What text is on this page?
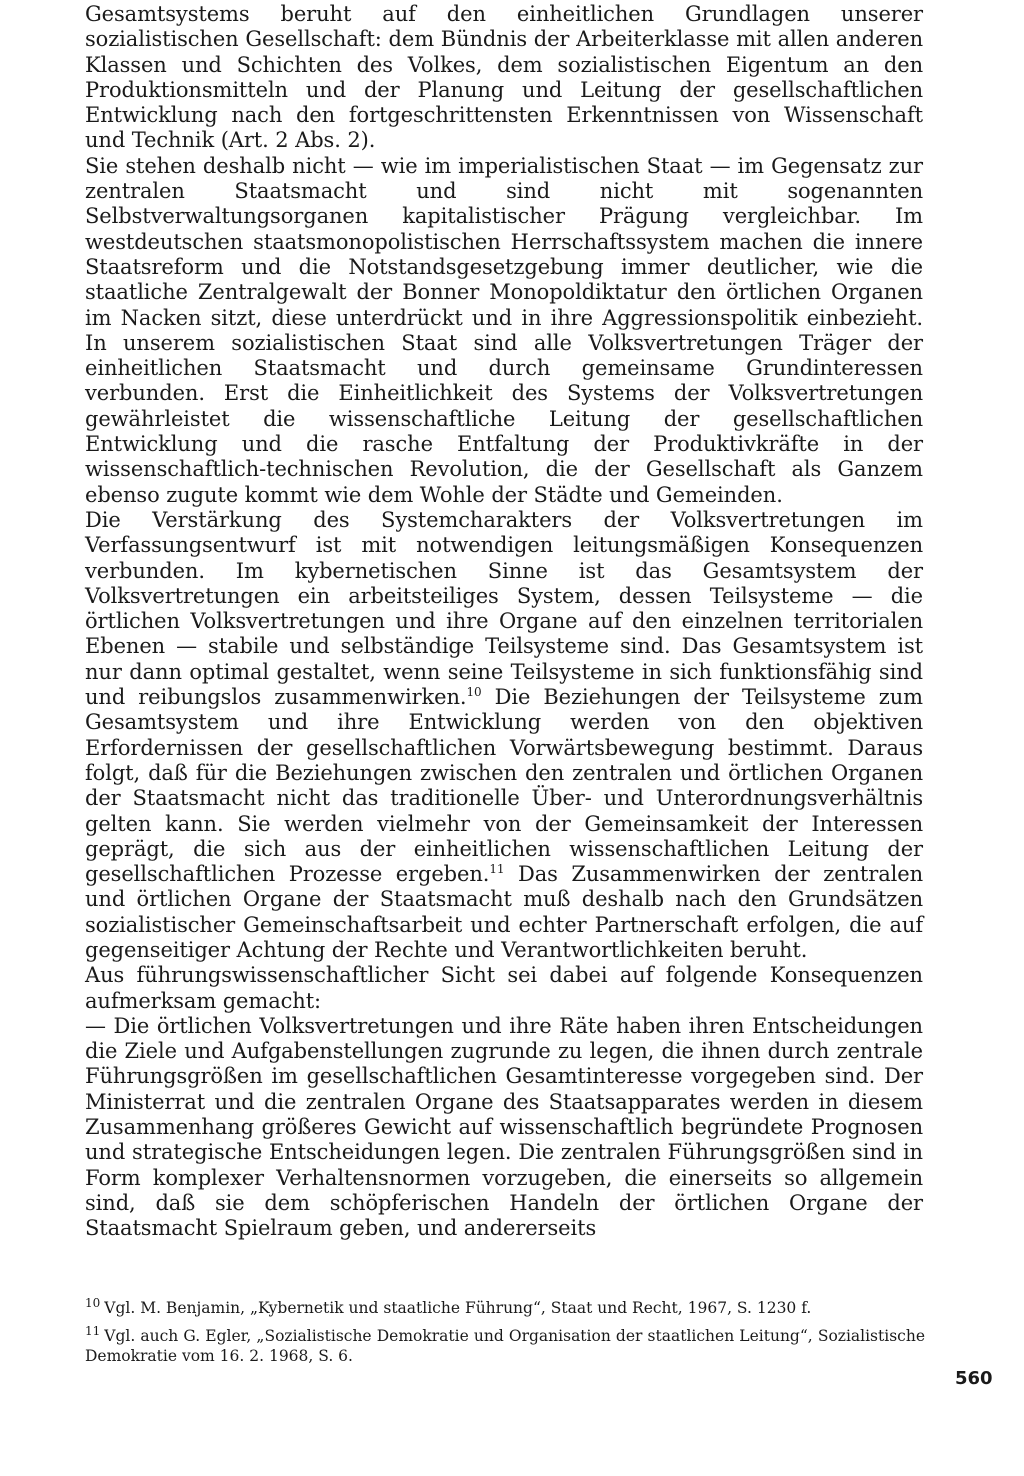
Gesamtsystems beruht auf den einheitlichen Grundlagen unserer sozialistischen Gesellschaft: dem Bündnis der Arbeiterklasse mit allen anderen Klassen und Schichten des Volkes, dem sozialistischen Eigentum an den Produktionsmitteln und der Planung und Leitung der gesellschaftlichen Entwicklung nach den fortgeschrittensten Erkenntnissen von Wissenschaft und Technik (Art. 2 Abs. 2).

Sie stehen deshalb nicht — wie im imperialistischen Staat — im Gegensatz zur zentralen Staatsmacht und sind nicht mit sogenannten Selbstverwaltungsorganen kapitalistischer Prägung vergleichbar. Im westdeutschen staatsmonopolistischen Herrschaftssystem machen die innere Staatsreform und die Notstandsgesetzgebung immer deutlicher, wie die staatliche Zentralgewalt der Bonner Monopoldiktatur den örtlichen Organen im Nacken sitzt, diese unterdrückt und in ihre Aggressionspolitik einbezieht. In unserem sozialistischen Staat sind alle Volksvertretungen Träger der einheitlichen Staatsmacht und durch gemeinsame Grundinteressen verbunden. Erst die Einheitlichkeit des Systems der Volksvertretungen gewährleistet die wissenschaftliche Leitung der gesellschaftlichen Entwicklung und die rasche Entfaltung der Produktivkräfte in der wissenschaftlich-technischen Revolution, die der Gesellschaft als Ganzem ebenso zugute kommt wie dem Wohle der Städte und Gemeinden.

Die Verstärkung des Systemcharakters der Volksvertretungen im Verfassungsentwurf ist mit notwendigen leitungsmäßigen Konsequenzen verbunden. Im kybernetischen Sinne ist das Gesamtsystem der Volksvertretungen ein arbeitsteiliges System, dessen Teilsysteme — die örtlichen Volksvertretungen und ihre Organe auf den einzelnen territorialen Ebenen — stabile und selbständige Teilsysteme sind. Das Gesamtsystem ist nur dann optimal gestaltet, wenn seine Teilsysteme in sich funktionsfähig sind und reibungslos zusammenwirken.$^{10}$ Die Beziehungen der Teilsysteme zum Gesamtsystem und ihre Entwicklung werden von den objektiven Erfordernissen der gesellschaftlichen Vorwärtsbewegung bestimmt. Daraus folgt, daß für die Beziehungen zwischen den zentralen und örtlichen Organen der Staatsmacht nicht das traditionelle Über- und Unterordnungsverhältnis gelten kann. Sie werden vielmehr von der Gemeinsamkeit der Interessen geprägt, die sich aus der einheitlichen wissenschaftlichen Leitung der gesellschaftlichen Prozesse ergeben.$^{11}$ Das Zusammenwirken der zentralen und örtlichen Organe der Staatsmacht muß deshalb nach den Grundsätzen sozialistischer Gemeinschaftsarbeit und echter Partnerschaft erfolgen, die auf gegenseitiger Achtung der Rechte und Verantwortlichkeiten beruht.

Aus führungswissenschaftlicher Sicht sei dabei auf folgende Konsequenzen aufmerksam gemacht:

— Die örtlichen Volksvertretungen und ihre Räte haben ihren Entscheidungen die Ziele und Aufgabenstellungen zugrunde zu legen, die ihnen durch zentrale Führungsgrößen im gesellschaftlichen Gesamtinteresse vorgegeben sind. Der Ministerrat und die zentralen Organe des Staatsapparates werden in diesem Zusammenhang größeres Gewicht auf wissenschaftlich begründete Prognosen und strategische Entscheidungen legen. Die zentralen Führungsgrößen sind in Form komplexer Verhaltensnormen vorzugeben, die einerseits so allgemein sind, daß sie dem schöpferischen Handeln der örtlichen Organe der Staatsmacht Spielraum geben, und andererseits

$^{10}$ Vgl. M. Benjamin, „Kybernetik und staatliche Führung“, Staat und Recht, 1967, S. 1230 f.

$^{11}$ Vgl. auch G. Egler, „Sozialistische Demokratie und Organisation der staatlichen Leitung“, Sozialistische Demokratie vom 16. 2. 1968, S. 6.

560
